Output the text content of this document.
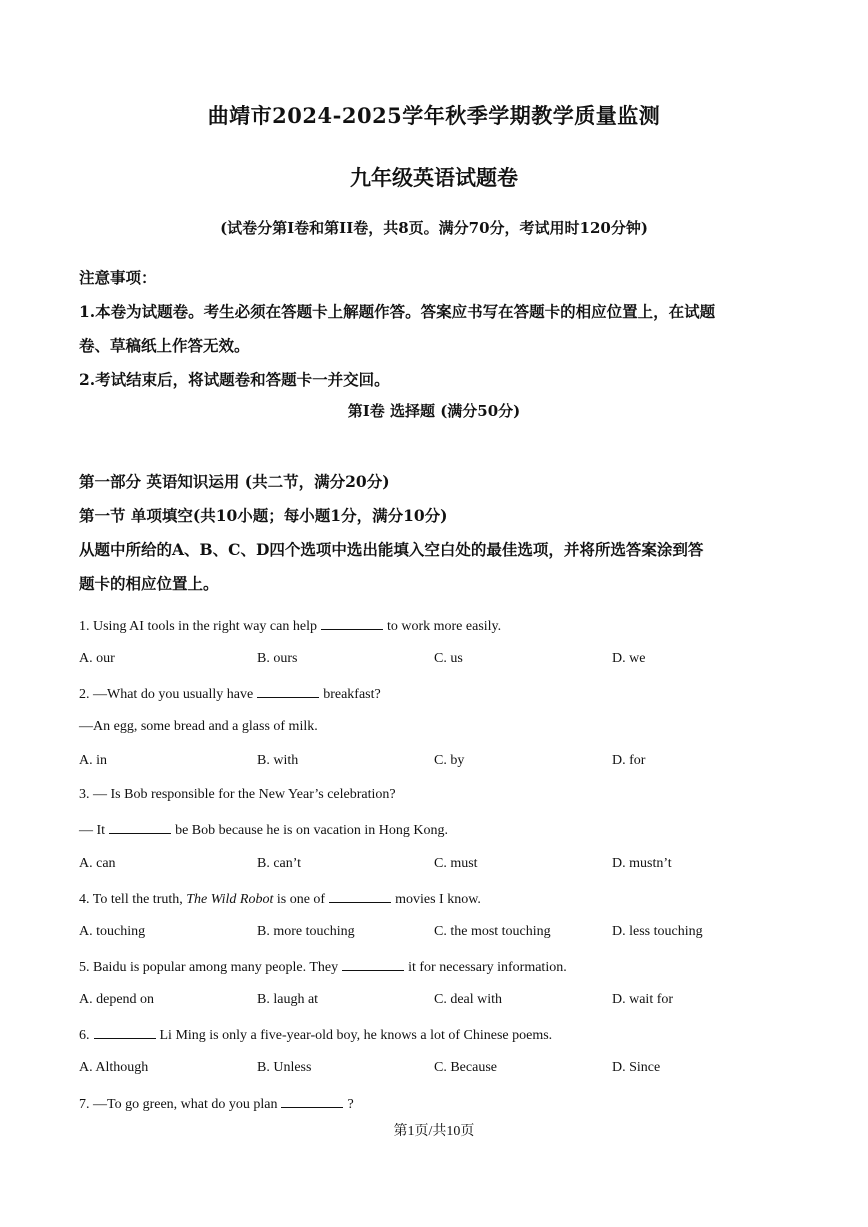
曲靖市2024-2025学年秋季学期教学质量监测
九年级英语试题卷
(试卷分第I卷和第II卷，共8页。满分70分，考试用时120分钟)
注意事项：
1.本卷为试题卷。考生必须在答题卡上解题作答。答案应书写在答题卡的相应位置上，在试题
卷、草稿纸上作答无效。
2.考试结束后，将试题卷和答题卡一并交回。
第I卷 选择题 (满分50分)
第一部分 英语知识运用 (共二节，满分20分)
第一节 单项填空(共10小题；每小题1分，满分10分)
从题中所给的A、B、C、D四个选项中选出能填入空白处的最佳选项，并将所选答案涂到答
题卡的相应位置上。
1. Using AI tools in the right way can help	to work more easily.
A. our	B. ours	C. us	D. we
2. —What do you usually have	breakfast?
—An egg, some bread and a glass of milk.
A. in	B. with	C. by	D. for
3. — Is Bob responsible for the New Year’s celebration?
— It	be Bob because he is on vacation in Hong Kong.
A. can	B. can’t	C. must	D. mustn’t
4. To tell the truth, The Wild Robot is one of	movies I know.
A. touching	B. more touching	C. the most touching	D. less touching
5. Baidu is popular among many people. They	it for necessary information.
A. depend on	B. laugh at	C. deal with	D. wait for
6.	Li Ming is only a five-year-old boy, he knows a lot of Chinese poems.
A. Although	B. Unless	C. Because	D. Since
7. —To go green, what do you plan	?
第1页/共10页
